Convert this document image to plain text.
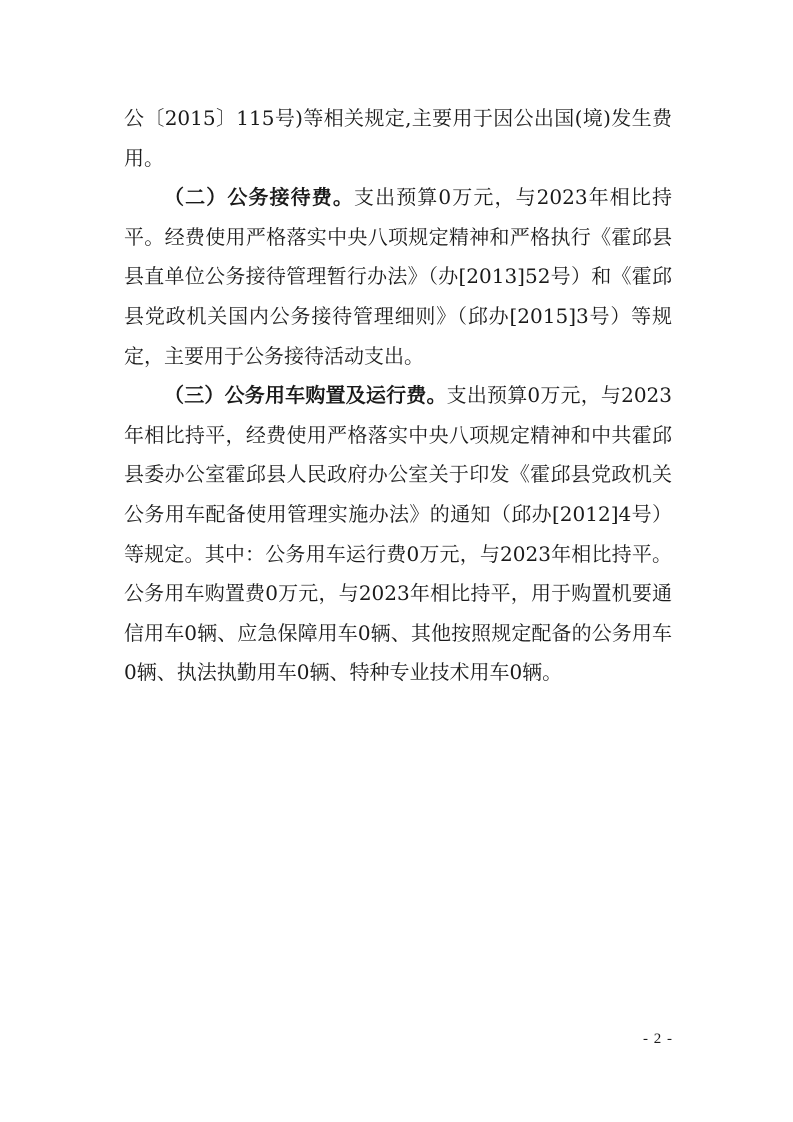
公〔2015〕115号)等相关规定,主要用于因公出国(境)发生费用。

（二）公务接待费。支出预算0万元，与2023年相比持平。经费使用严格落实中央八项规定精神和严格执行《霍邱县县直单位公务接待管理暂行办法》（办[2013]52号）和《霍邱县党政机关国内公务接待管理细则》（邱办[2015]3号）等规定，主要用于公务接待活动支出。

（三）公务用车购置及运行费。支出预算0万元，与2023年相比持平，经费使用严格落实中央八项规定精神和中共霍邱县委办公室霍邱县人民政府办公室关于印发《霍邱县党政机关公务用车配备使用管理实施办法》的通知（邱办[2012]4号）等规定。其中：公务用车运行费0万元，与2023年相比持平。公务用车购置费0万元，与2023年相比持平，用于购置机要通信用车0辆、应急保障用车0辆、其他按照规定配备的公务用车0辆、执法执勤用车0辆、特种专业技术用车0辆。

- 2 -
